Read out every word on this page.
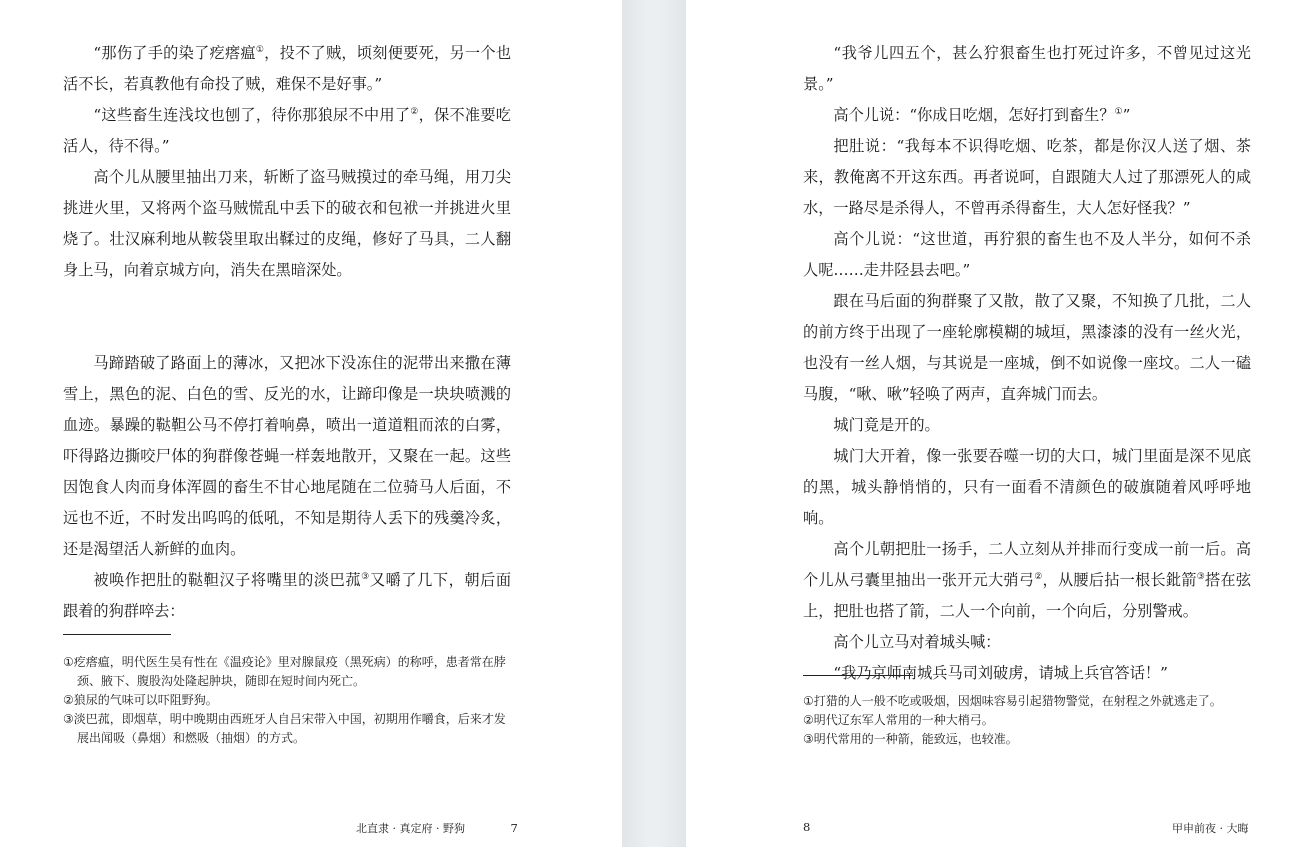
“那伤了手的染了疙瘩瘟①，投不了贼，顷刻便要死，另一个也活不长，若真教他有命投了贼，难保不是好事。”

“这些畜生连浅坟也刨了，待你那狼尿不中用了②，保不准要吃活人，待不得。”

高个儿从腰里抽出刀来，斩断了盗马贼摸过的牵马绳，用刀尖挑进火里，又将两个盗马贼慌乱中丢下的破衣和包袱一并挑进火里烧了。壮汉麻利地从鞍袋里取出鞣过的皮绳，修好了马具，二人翻身上马，向着京城方向，消失在黑暗深处。

马蹄踏破了路面上的薄冰，又把冰下没冻住的泥带出来撒在薄雪上，黑色的泥、白色的雪、反光的水，让蹄印像是一块块喷溅的血迹。暴躁的鞑靼公马不停打着响鼻，喷出一道道粗而浓的白雾，吓得路边撕咬尸体的狗群像苍蝇一样轰地散开，又聚在一起。这些因饱食人肉而身体浑圆的畜生不甘心地尾随在二位骑马人后面，不远也不近，不时发出呜呜的低吼，不知是期待人丢下的残羹冷炙，还是渴望活人新鲜的血肉。

被唤作把肚的鞑靼汉子将嘴里的淡巴菰③又嚼了几下，朝后面跟着的狗群啐去：

①疙瘩瘟，明代医生吴有性在《温疫论》里对腺鼠疫（黑死病）的称呼，患者常在脖颈、腋下、腹股沟处隆起肿块，随即在短时间内死亡。

②狼尿的气味可以吓阻野狗。

③淡巴菰，即烟草，明中晚期由西班牙人自吕宋带入中国，初期用作嚼食，后来才发展出闻吸（鼻烟）和燃吸（抽烟）的方式。

北直隶 · 真定府 · 野狗	7

“我爷儿四五个，甚么狞狠畜生也打死过许多，不曾见过这光景。”

高个儿说：“你成日吃烟，怎好打到畜生？①”

把肚说：“我每本不识得吃烟、吃茶，都是你汉人送了烟、茶来，教俺离不开这东西。再者说呵，自跟随大人过了那漂死人的咸水，一路尽是杀得人，不曾再杀得畜生，大人怎好怪我？”

高个儿说：“这世道，再狞狠的畜生也不及人半分，如何不杀人呢……走井陉县去吧。”

跟在马后面的狗群聚了又散，散了又聚，不知换了几批，二人的前方终于出现了一座轮廓模糊的城垣，黑漆漆的没有一丝火光，也没有一丝人烟，与其说是一座城，倒不如说像一座坟。二人一磕马腹，“啾、啾”轻唤了两声，直奔城门而去。

城门竟是开的。

城门大开着，像一张要吞噬一切的大口，城门里面是深不见底的黑，城头静悄悄的，只有一面看不清颜色的破旗随着风呼呼地响。

高个儿朝把肚一扬手，二人立刻从并排而行变成一前一后。高个儿从弓囊里抽出一张开元大弰弓②，从腰后拈一根长鈚箭③搭在弦上，把肚也搭了箭，二人一个向前，一个向后，分别警戒。

高个儿立马对着城头喊：

“我乃京师南城兵马司刘破虏，请城上兵官答话！”

①打猎的人一般不吃或吸烟，因烟味容易引起猎物警觉，在射程之外就逃走了。

②明代辽东军人常用的一种大梢弓。

③明代常用的一种箭，能致远，也较准。

8	甲申前夜 · 大晦
